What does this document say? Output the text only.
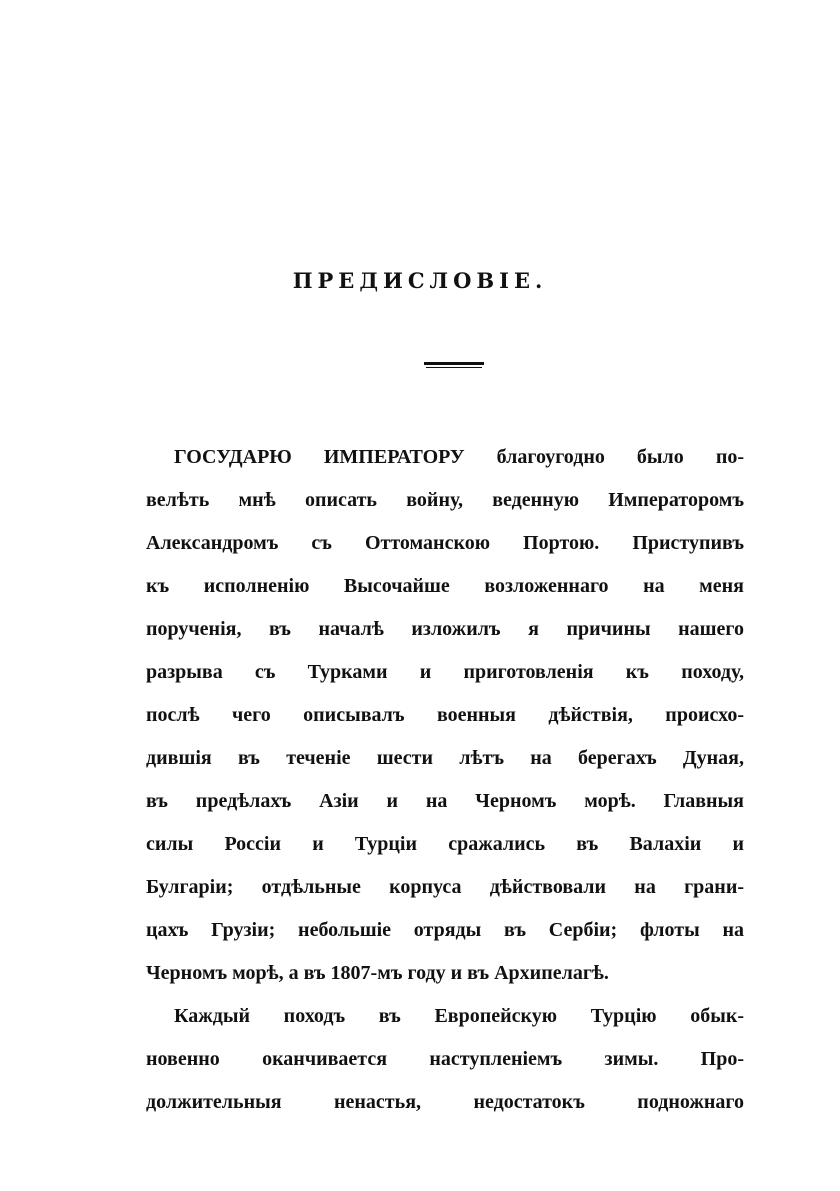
ПРЕДИСЛОВІЕ.
ГОСУДАРЮ ИМПЕРАТОРУ благоугодно было по-
велѣть мнѣ описать войну, веденную Императоромъ
Александромъ съ Оттоманскою Портою. Приступивъ
къ исполненію Высочайше возложеннаго на меня
порученія, въ началѣ изложилъ я причины нашего
разрыва съ Турками и приготовленія къ походу,
послѣ чего описывалъ военныя дѣйствія, происхо-
дившія въ теченіе шести лѣтъ на берегахъ Дуная,
въ предѣлахъ Азіи и на Черномъ морѣ. Главныя
силы Россіи и Турціи сражались въ Валахіи и
Булгаріи; отдѣльные корпуса дѣйствовали на грани-
цахъ Грузіи; небольшіе отряды въ Сербіи; флоты на
Черномъ морѣ, а въ 1807-мъ году и въ Архипелагѣ.
Каждый походъ въ Европейскую Турцію обык-
новенно оканчивается наступленіемъ зимы. Про-
должительныя ненастья, недостатокъ подножнаго
